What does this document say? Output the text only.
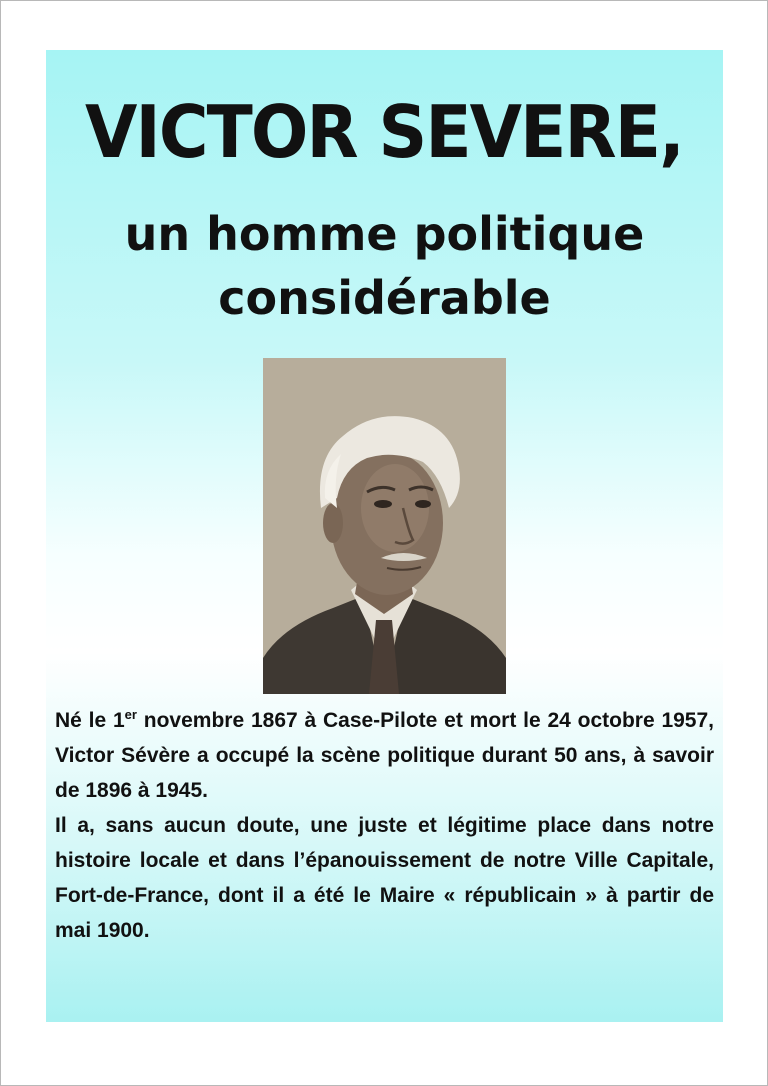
VICTOR SEVERE,
un homme politique
considérable

Né le 1er novembre 1867 à Case-Pilote et mort le 24 octobre 1957, Victor Sévère a occupé la scène politique durant 50 ans, à savoir de 1896 à 1945.

Il a, sans aucun doute, une juste et légitime place dans notre histoire locale et dans l’épanouissement de notre Ville Capitale, Fort-de-France, dont il a été le Maire « républicain » à partir de mai 1900.
